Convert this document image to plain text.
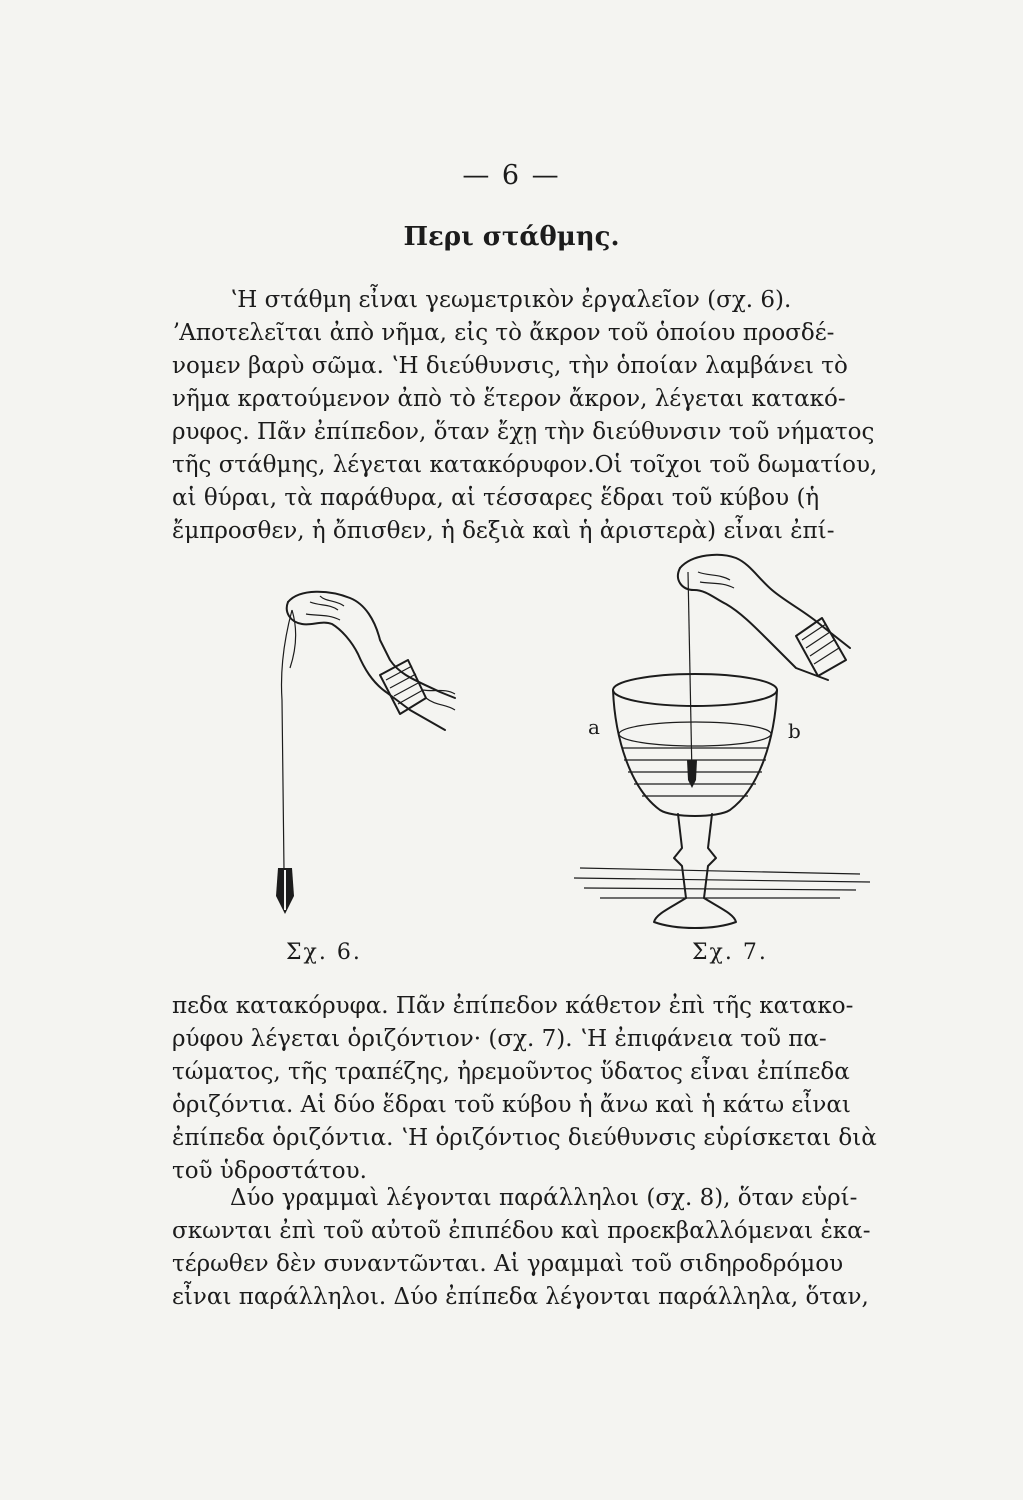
— 6 —
Περι στάθμης.
ʽΗ στάθμη εἶναι γεωμετρικὸν ἐργαλεῖον (σχ. 6).
ʼΑποτελεῖται ἀπὸ νῆμα, εἰς τὸ ἄκρον τοῦ ὁποίου προσδέ-
νομεν βαρὺ σῶμα. ʽΗ διεύθυνσις, τὴν ὁποίαν λαμβάνει τὸ
νῆμα κρατούμενον ἀπὸ τὸ ἕτερον ἄκρον, λέγεται κατακό-
ρυφος. Πᾶν ἐπίπεδον, ὅταν ἔχῃ τὴν διεύθυνσιν τοῦ νήματος
τῆς στάθμης, λέγεται κατακόρυφον.Οἱ τοῖχοι τοῦ δωματίου,
αἱ θύραι, τὰ παράθυρα, αἱ τέσσαρες ἕδραι τοῦ κύβου (ἡ
ἔμπροσθεν, ἡ ὄπισθεν, ἡ δεξιὰ καὶ ἡ ἀριστερὰ) εἶναι ἐπί-
a	b
Σχ. 6.	Σχ. 7.
πεδα κατακόρυφα. Πᾶν ἐπίπεδον κάθετον ἐπὶ τῆς κατακο-
ρύφου λέγεται ὁριζόντιον· (σχ. 7). ʽΗ ἐπιφάνεια τοῦ πα-
τώματος, τῆς τραπέζης, ἠρεμοῦντος ὕδατος εἶναι ἐπίπεδα
ὁριζόντια. Αἱ δύο ἕδραι τοῦ κύβου ἡ ἄνω καὶ ἡ κάτω εἶναι
ἐπίπεδα ὁριζόντια. ʽΗ ὁριζόντιος διεύθυνσις εὑρίσκεται διὰ
τοῦ ὑδροστάτου.
Δύο γραμμαὶ λέγονται παράλληλοι (σχ. 8), ὅταν εὑρί-
σκωνται ἐπὶ τοῦ αὐτοῦ ἐπιπέδου καὶ προεκβαλλόμεναι ἑκα-
τέρωθεν δὲν συναντῶνται. Αἱ γραμμαὶ τοῦ σιδηροδρόμου
εἶναι παράλληλοι. Δύο ἐπίπεδα λέγονται παράλληλα, ὅταν,
